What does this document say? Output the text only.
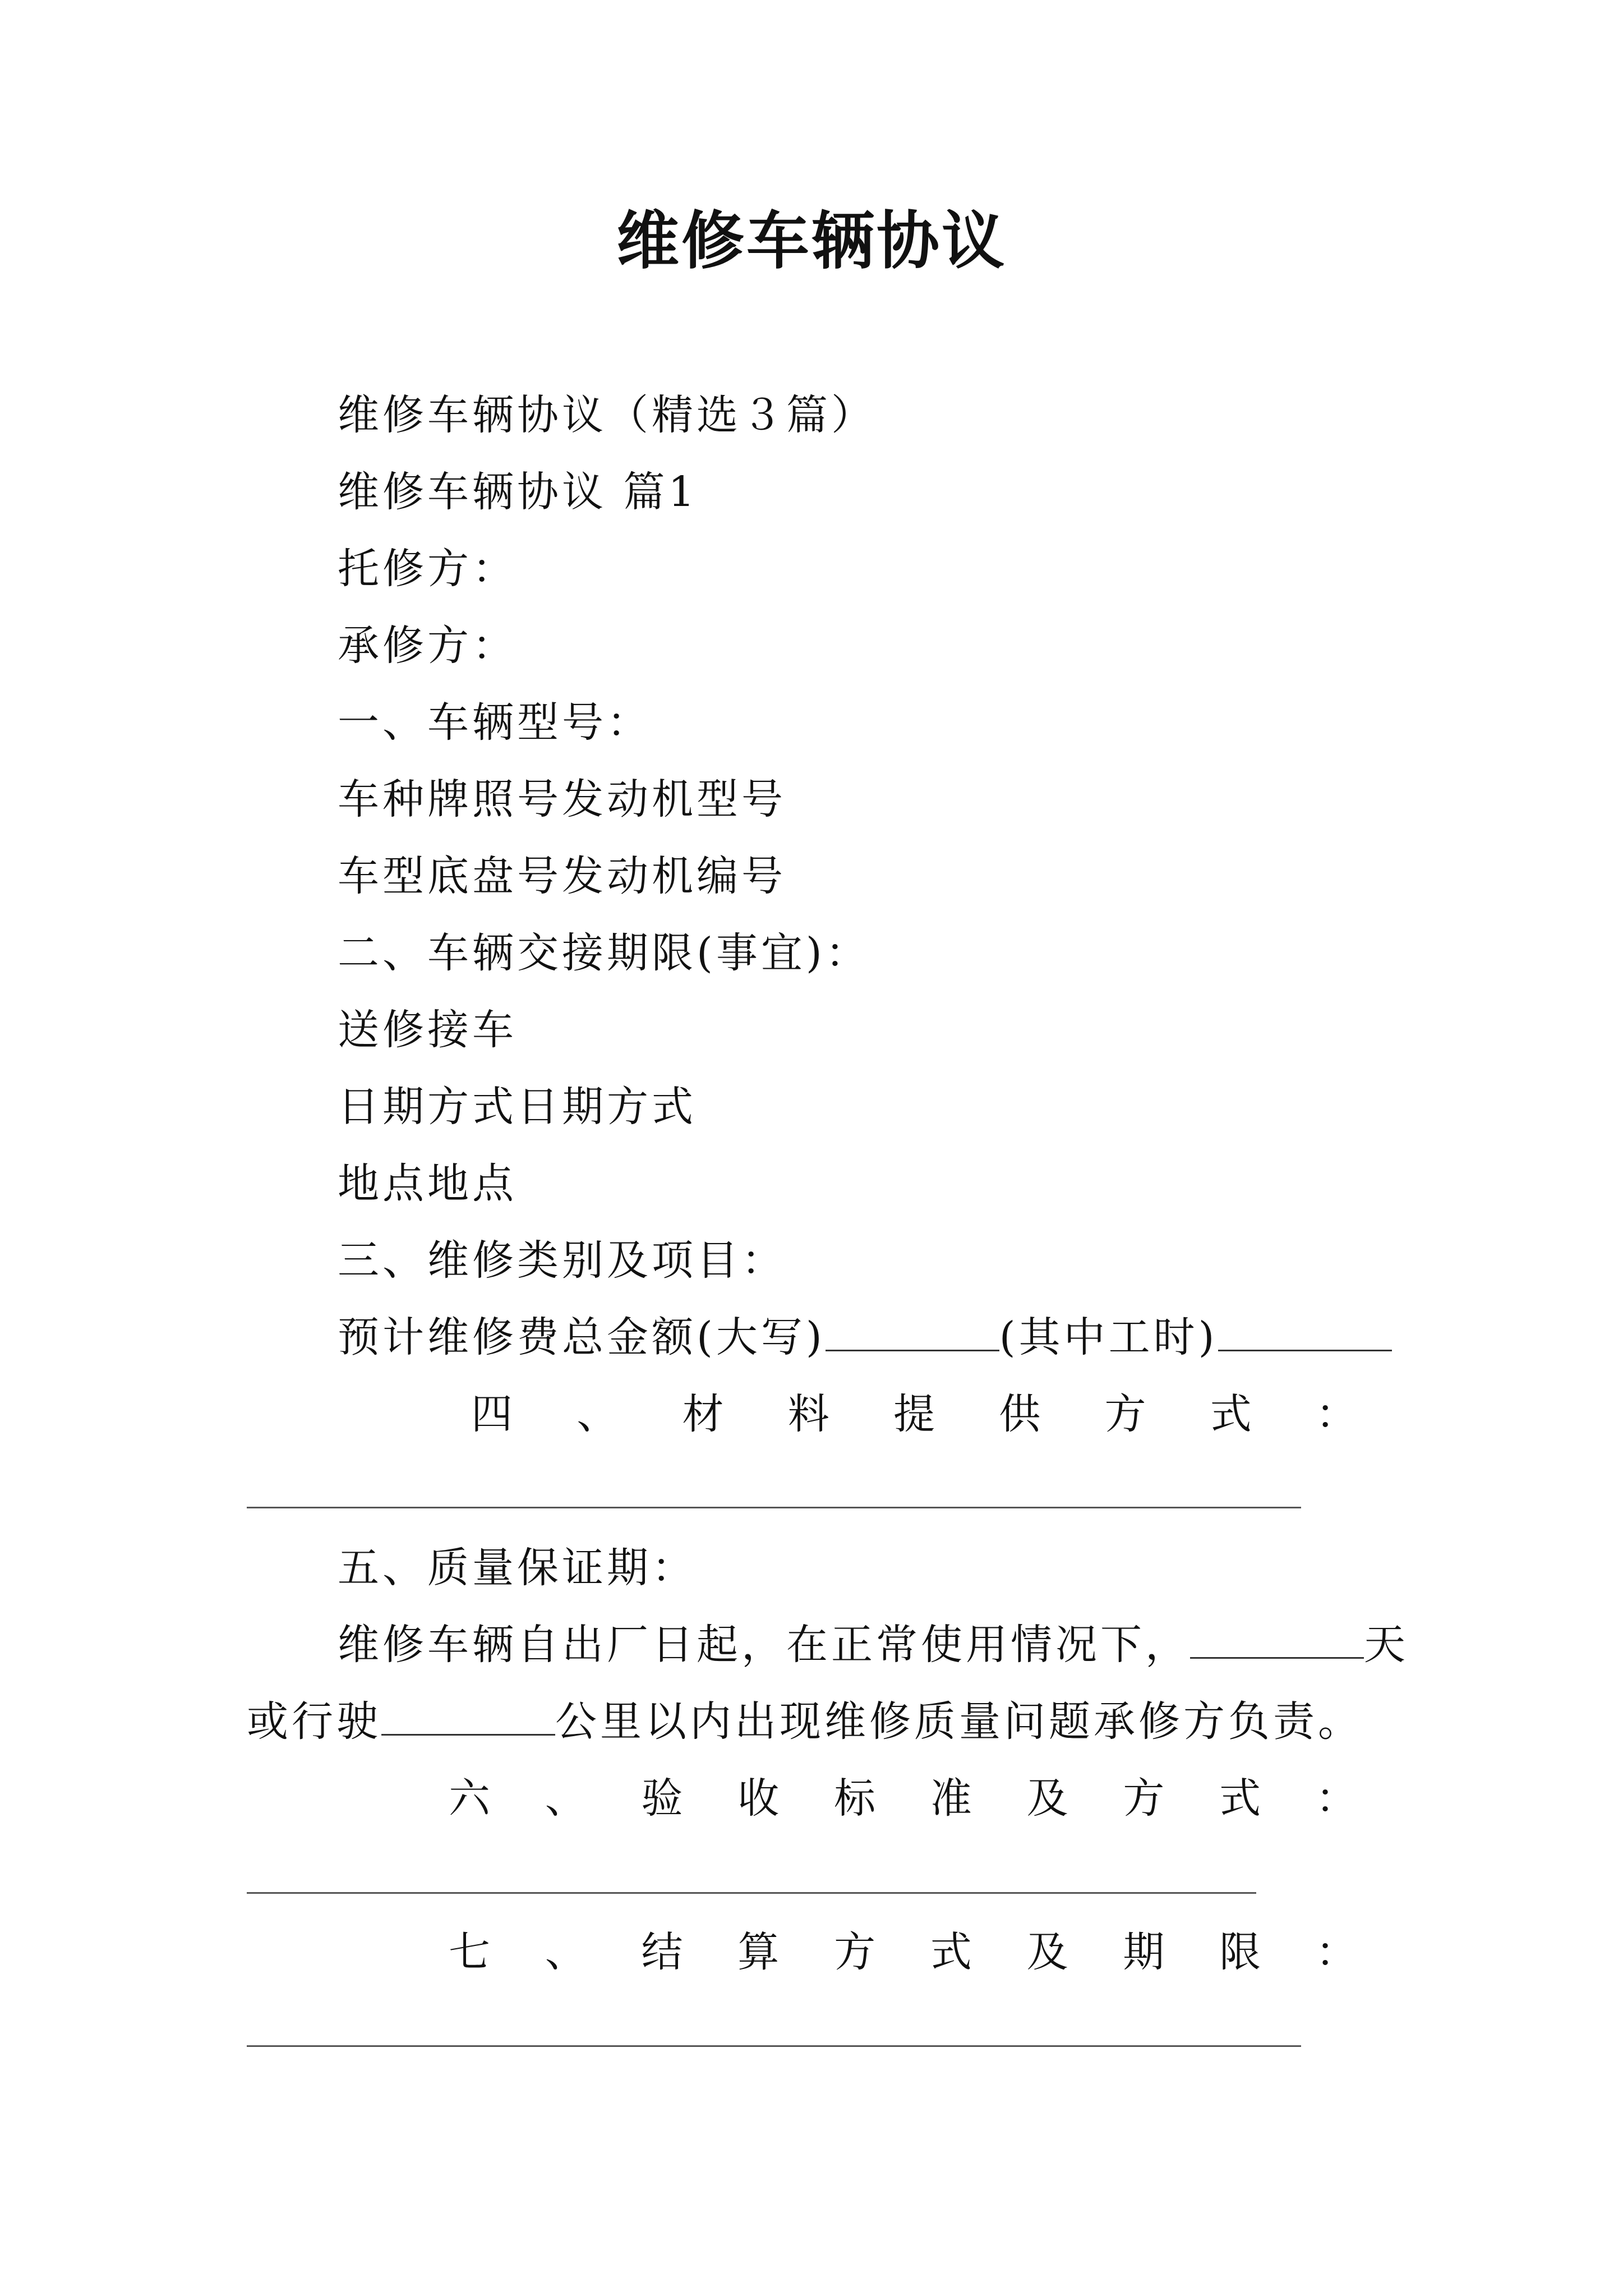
维修车辆协议
维修车辆协议（精选３篇）
维修车辆协议 篇1
托修方：
承修方：
一、车辆型号：
车种牌照号发动机型号
车型底盘号发动机编号
二、车辆交接期限(事宜)：
送修接车
日期方式日期方式
地点地点
三、维修类别及项目：
预计维修费总金额(大写)	(其中工时)
四 、 材 料 提 供 方 式 ：
五、质量保证期：
维修车辆自出厂日起，在正常使用情况下，	天
或行驶	公里以内出现维修质量问题承修方负责。
六 、 验 收 标 准 及 方 式 ：
七 、 结 算 方 式 及 期 限 ：
